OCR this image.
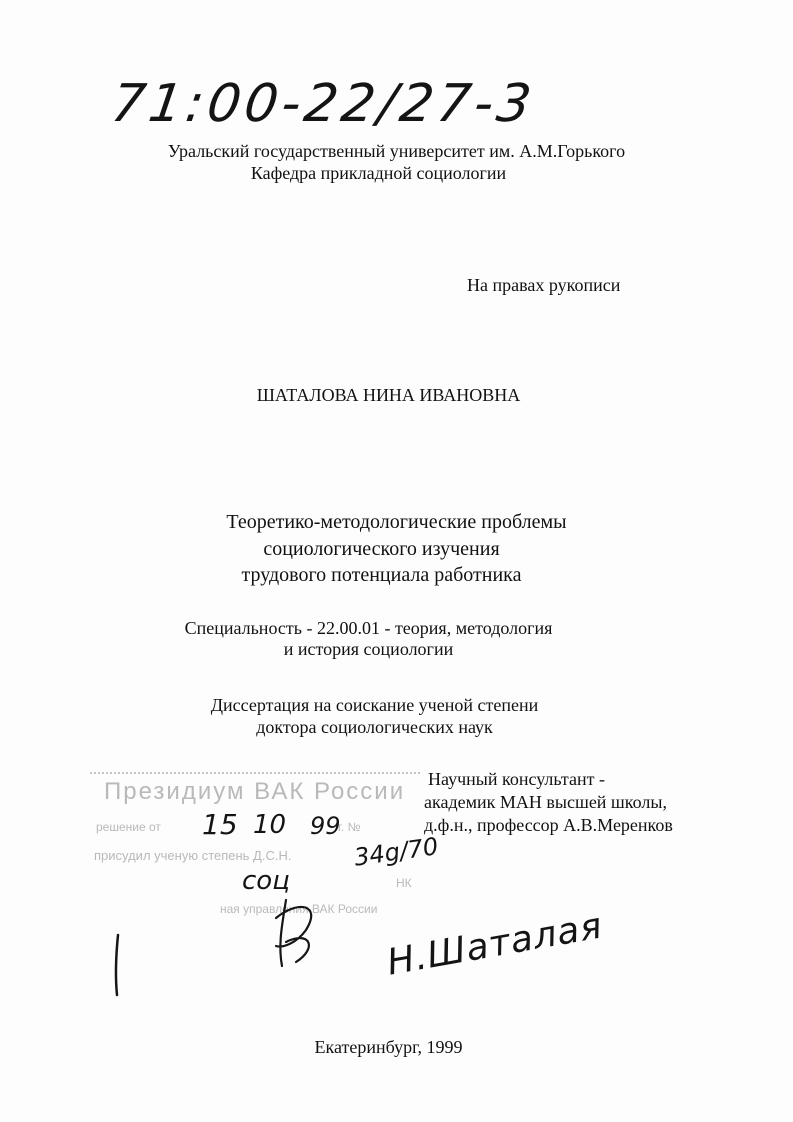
71:00-22/27-3
Уральский государственный университет им. А.М.Горького
Кафедра прикладной социологии
На правах рукописи
ШАТАЛОВА НИНА ИВАНОВНА
Теоретико-методологические проблемы
социологического изучения
трудового потенциала работника
Специальность - 22.00.01 - теория, методология
и история социологии
Диссертация на соискание ученой степени
доктора социологических наук
Научный консультант -
академик МАН высшей школы,
д.ф.н., профессор А.В.Меренков
Президиум ВАК России
решение от	г. №
присудил ученую степень Д.С.Н.
НК
ная управления ВАК России
15 10 99
34g/70
соц
Н.Шаталая
Екатеринбург, 1999
